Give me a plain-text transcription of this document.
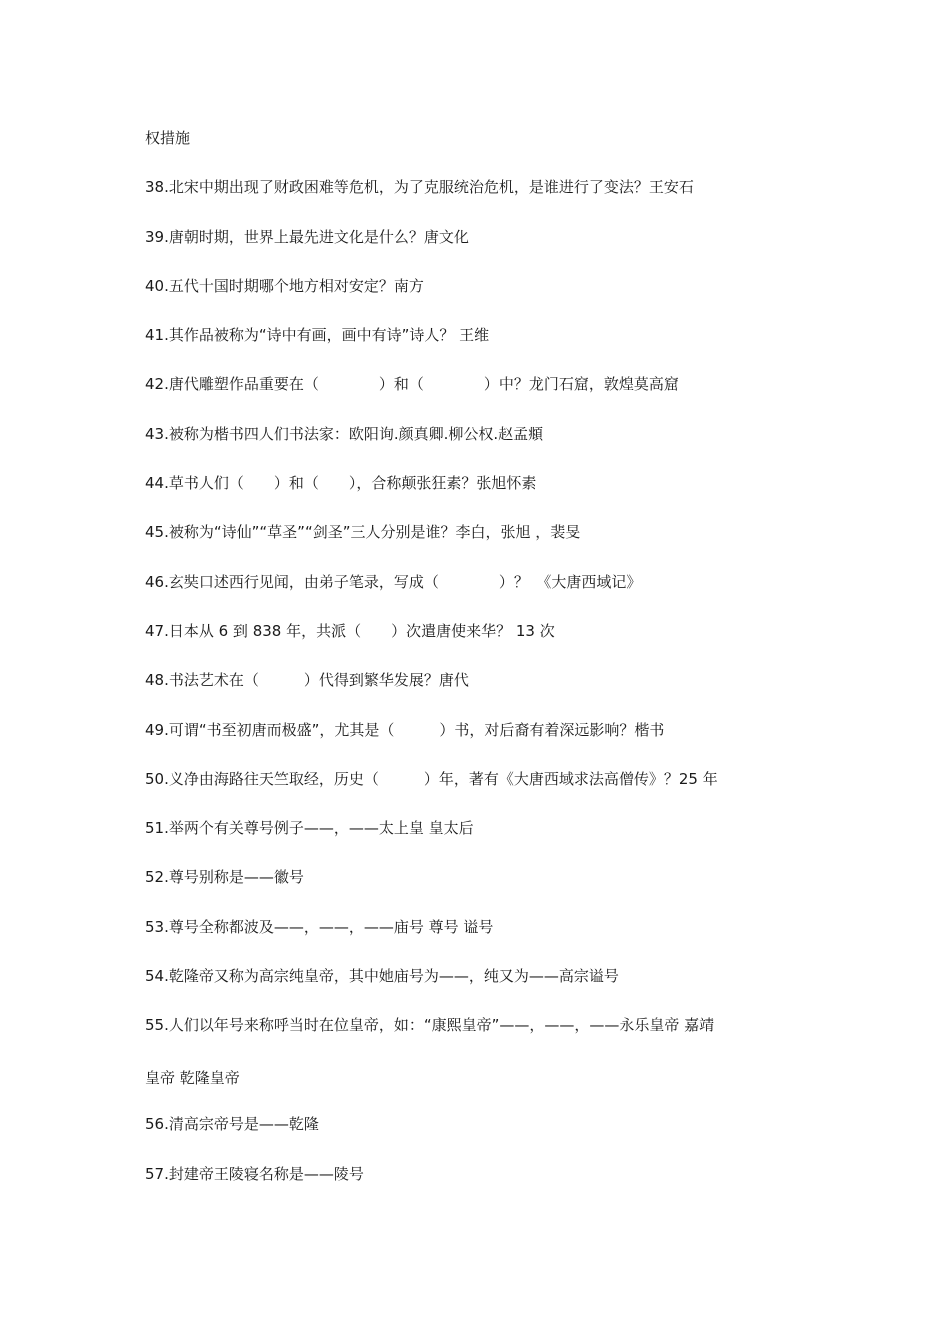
权措施
38.北宋中期出现了财政困难等危机，为了克服统治危机，是谁进行了变法？王安石
39.唐朝时期，世界上最先进文化是什么？唐文化
40.五代十国时期哪个地方相对安定？南方
41.其作品被称为“诗中有画，画中有诗”诗人？ 王维
42.唐代雕塑作品重要在（　　　　）和（　　　　）中？龙门石窟，敦煌莫高窟
43.被称为楷书四人们书法家：欧阳询.颜真卿.柳公权.赵孟頫
44.草书人们（　　）和（　　），合称颠张狂素？张旭怀素
45.被称为“诗仙”“草圣”“剑圣”三人分别是谁？李白，张旭 ，裴旻
46.玄奘口述西行见闻，由弟子笔录，写成（　　　　）？　《大唐西域记》
47.日本从 6 到 838 年，共派（　　）次遣唐使来华？ 13 次
48.书法艺术在（　　　）代得到繁华发展？唐代
49.可谓“书至初唐而极盛”，尤其是（　　　）书，对后裔有着深远影响？楷书
50.义净由海路往天竺取经，历史（　　　）年，著有《大唐西域求法高僧传》？25 年
51.举两个有关尊号例子——，——太上皇 皇太后
52.尊号别称是——徽号
53.尊号全称都波及——，——，——庙号 尊号 谥号
54.乾隆帝又称为高宗纯皇帝，其中她庙号为——，纯又为——高宗谥号
55.人们以年号来称呼当时在位皇帝，如：“康熙皇帝”——，——，——永乐皇帝 嘉靖
皇帝 乾隆皇帝
56.清高宗帝号是——乾隆
57.封建帝王陵寝名称是——陵号
